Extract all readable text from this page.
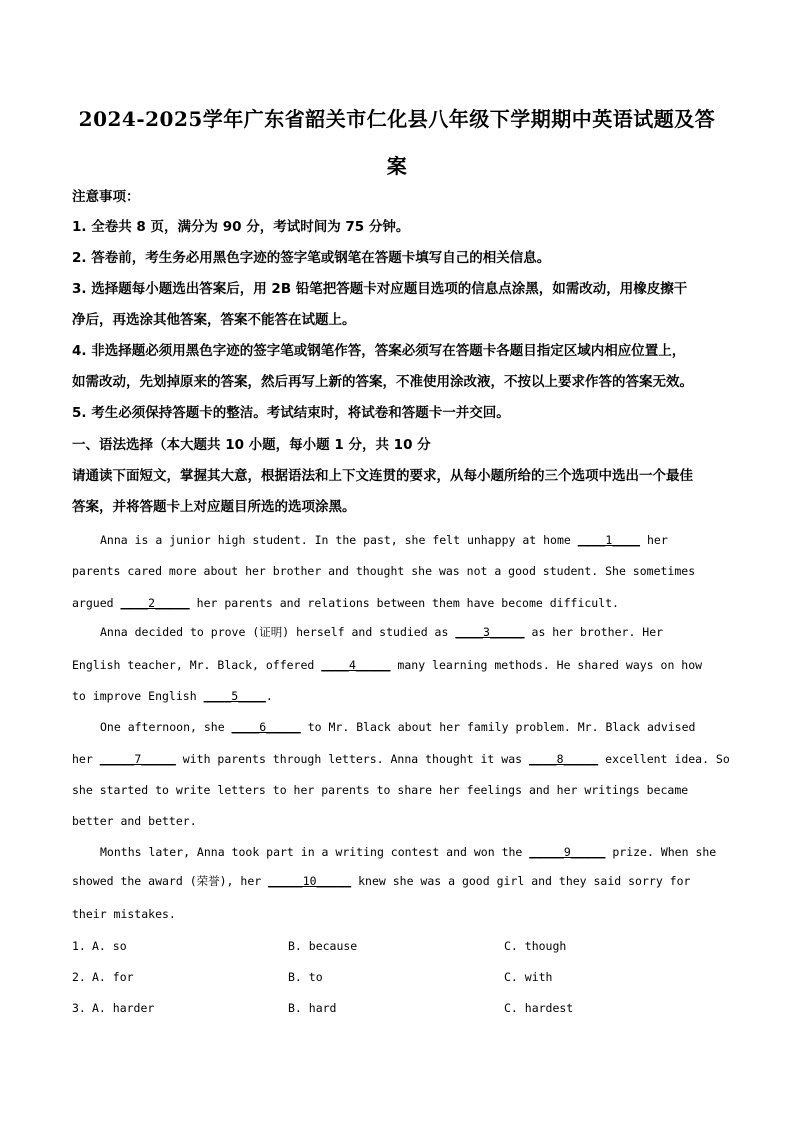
2024-2025学年广东省韶关市仁化县八年级下学期期中英语试题及答
案
注意事项：
1. 全卷共 8 页，满分为 90 分，考试时间为 75 分钟。
2. 答卷前，考生务必用黑色字迹的签字笔或钢笔在答题卡填写自己的相关信息。
3. 选择题每小题选出答案后，用 2B 铅笔把答题卡对应题目选项的信息点涂黑，如需改动，用橡皮擦干
净后，再选涂其他答案，答案不能答在试题上。
4. 非选择题必须用黑色字迹的签字笔或钢笔作答，答案必须写在答题卡各题目指定区域内相应位置上，
如需改动，先划掉原来的答案，然后再写上新的答案，不准使用涂改液，不按以上要求作答的答案无效。
5. 考生必须保持答题卡的整洁。考试结束时，将试卷和答题卡一并交回。
一、语法选择（本大题共 10 小题，每小题 1 分，共 10 分
请通读下面短文，掌握其大意，根据语法和上下文连贯的要求，从每小题所给的三个选项中选出一个最佳
答案，并将答题卡上对应题目所选的选项涂黑。
Anna is a junior high student. In the past, she felt unhappy at home ____1____ her
parents cared more about her brother and thought she was not a good student. She sometimes
argued ____2_____ her parents and relations between them have become difficult.
Anna decided to prove (证明) herself and studied as ____3_____ as her brother. Her
English teacher, Mr. Black, offered ____4_____ many learning methods. He shared ways on how
to improve English ____5____.
One afternoon, she ____6_____ to Mr. Black about her family problem. Mr. Black advised
her _____7_____ with parents through letters. Anna thought it was ____8_____ excellent idea. So
she started to write letters to her parents to share her feelings and her writings became
better and better.
Months later, Anna took part in a writing contest and won the _____9_____ prize. When she
showed the award (荣誉), her _____10_____ knew she was a good girl and they said sorry for
their mistakes.
1. A. so	B. because	C. though
2. A. for	B. to	C. with
3. A. harder	B. hard	C. hardest
